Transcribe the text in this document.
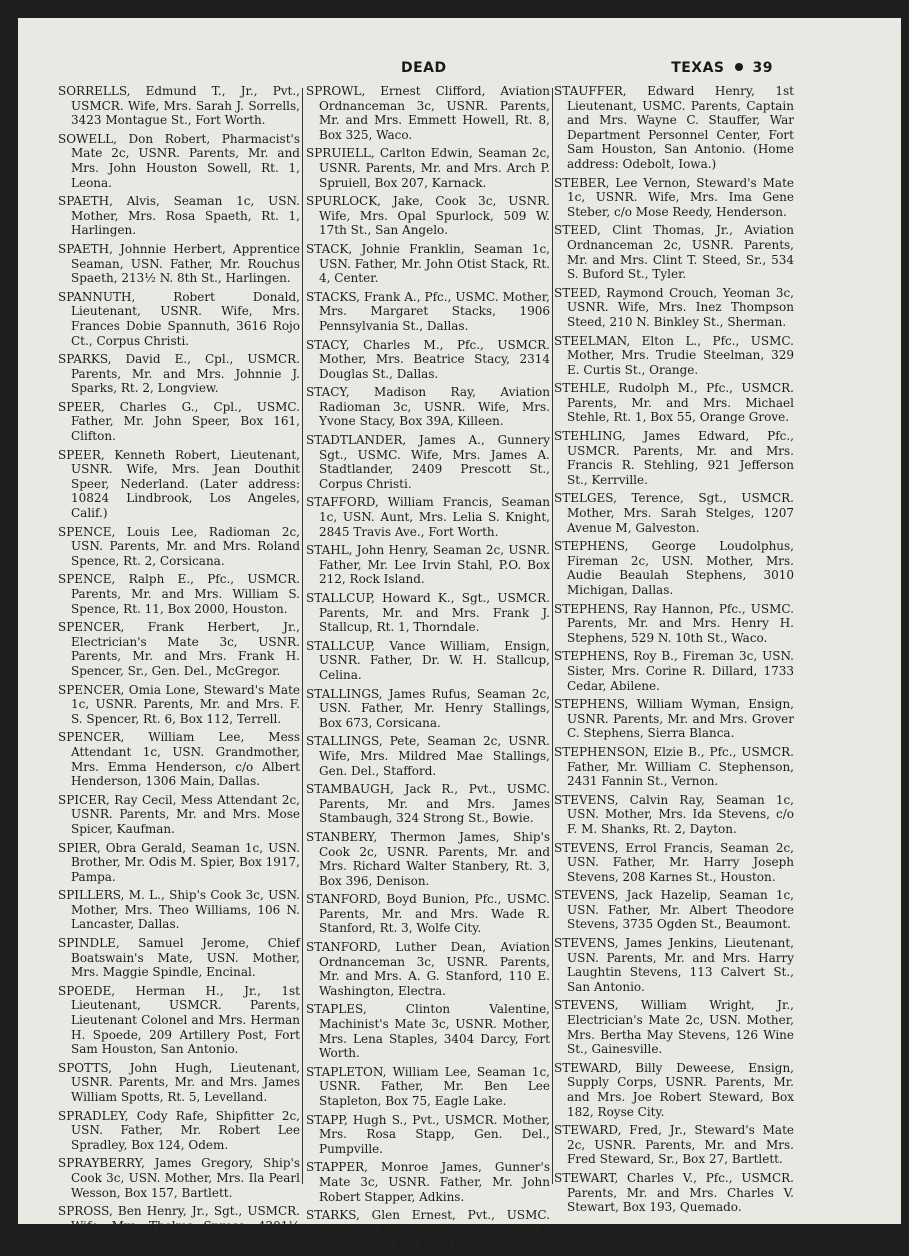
DEAD	TEXAS 39

SORRELLS, Edmund T., Jr., Pvt., USMCR. Wife, Mrs. Sarah J. Sorrells, 3423 Montague St., Fort Worth.

SOWELL, Don Robert, Pharmacist's Mate 2c, USNR. Parents, Mr. and Mrs. John Houston Sowell, Rt. 1, Leona.

SPAETH, Alvis, Seaman 1c, USN. Mother, Mrs. Rosa Spaeth, Rt. 1, Harlingen.

SPAETH, Johnnie Herbert, Apprentice Seaman, USN. Father, Mr. Rouchus Spaeth, 213½ N. 8th St., Harlingen.

SPANNUTH, Robert Donald, Lieutenant, USNR. Wife, Mrs. Frances Dobie Spannuth, 3616 Rojo Ct., Corpus Christi.

SPARKS, David E., Cpl., USMCR. Parents, Mr. and Mrs. Johnnie J. Sparks, Rt. 2, Longview.

SPEER, Charles G., Cpl., USMC. Father, Mr. John Speer, Box 161, Clifton.

SPEER, Kenneth Robert, Lieutenant, USNR. Wife, Mrs. Jean Douthit Speer, Nederland. (Later address: 10824 Lindbrook, Los Angeles, Calif.)

SPENCE, Louis Lee, Radioman 2c, USN. Parents, Mr. and Mrs. Roland Spence, Rt. 2, Corsicana.

SPENCE, Ralph E., Pfc., USMCR. Parents, Mr. and Mrs. William S. Spence, Rt. 11, Box 2000, Houston.

SPENCER, Frank Herbert, Jr., Electrician's Mate 3c, USNR. Parents, Mr. and Mrs. Frank H. Spencer, Sr., Gen. Del., McGregor.

SPENCER, Omia Lone, Steward's Mate 1c, USNR. Parents, Mr. and Mrs. F. S. Spencer, Rt. 6, Box 112, Terrell.

SPENCER, William Lee, Mess Attendant 1c, USN. Grandmother, Mrs. Emma Henderson, c/o Albert Henderson, 1306 Main, Dallas.

SPICER, Ray Cecil, Mess Attendant 2c, USNR. Parents, Mr. and Mrs. Mose Spicer, Kaufman.

SPIER, Obra Gerald, Seaman 1c, USN. Brother, Mr. Odis M. Spier, Box 1917, Pampa.

SPILLERS, M. L., Ship's Cook 3c, USN. Mother, Mrs. Theo Williams, 106 N. Lancaster, Dallas.

SPINDLE, Samuel Jerome, Chief Boatswain's Mate, USN. Mother, Mrs. Maggie Spindle, Encinal.

SPOEDE, Herman H., Jr., 1st Lieutenant, USMCR. Parents, Lieutenant Colonel and Mrs. Herman H. Spoede, 209 Artillery Post, Fort Sam Houston, San Antonio.

SPOTTS, John Hugh, Lieutenant, USNR. Parents, Mr. and Mrs. James William Spotts, Rt. 5, Levelland.

SPRADLEY, Cody Rafe, Shipfitter 2c, USN. Father, Mr. Robert Lee Spradley, Box 124, Odem.

SPRAYBERRY, James Gregory, Ship's Cook 3c, USN. Mother, Mrs. Ila Pearl Wesson, Box 157, Bartlett.

SPROSS, Ben Henry, Jr., Sgt., USMCR. Wife, Mrs. Thelma Spross, 4201½ Cedar Springs Ave., Dallas.

SPROWL, Ernest Clifford, Aviation Ordnanceman 3c, USNR. Parents, Mr. and Mrs. Emmett Howell, Rt. 8, Box 325, Waco.

SPRUIELL, Carlton Edwin, Seaman 2c, USNR. Parents, Mr. and Mrs. Arch P. Spruiell, Box 207, Karnack.

SPURLOCK, Jake, Cook 3c, USNR. Wife, Mrs. Opal Spurlock, 509 W. 17th St., San Angelo.

STACK, Johnie Franklin, Seaman 1c, USN. Father, Mr. John Otist Stack, Rt. 4, Center.

STACKS, Frank A., Pfc., USMC. Mother, Mrs. Margaret Stacks, 1906 Pennsylvania St., Dallas.

STACY, Charles M., Pfc., USMCR. Mother, Mrs. Beatrice Stacy, 2314 Douglas St., Dallas.

STACY, Madison Ray, Aviation Radioman 3c, USNR. Wife, Mrs. Yvone Stacy, Box 39A, Killeen.

STADTLANDER, James A., Gunnery Sgt., USMC. Wife, Mrs. James A. Stadtlander, 2409 Prescott St., Corpus Christi.

STAFFORD, William Francis, Seaman 1c, USN. Aunt, Mrs. Lelia S. Knight, 2845 Travis Ave., Fort Worth.

STAHL, John Henry, Seaman 2c, USNR. Father, Mr. Lee Irvin Stahl, P.O. Box 212, Rock Island.

STALLCUP, Howard K., Sgt., USMCR. Parents, Mr. and Mrs. Frank J. Stallcup, Rt. 1, Thorndale.

STALLCUP, Vance William, Ensign, USNR. Father, Dr. W. H. Stallcup, Celina.

STALLINGS, James Rufus, Seaman 2c, USN. Father, Mr. Henry Stallings, Box 673, Corsicana.

STALLINGS, Pete, Seaman 2c, USNR. Wife, Mrs. Mildred Mae Stallings, Gen. Del., Stafford.

STAMBAUGH, Jack R., Pvt., USMC. Parents, Mr. and Mrs. James Stambaugh, 324 Strong St., Bowie.

STANBERY, Thermon James, Ship's Cook 2c, USNR. Parents, Mr. and Mrs. Richard Walter Stanbery, Rt. 3, Box 396, Denison.

STANFORD, Boyd Bunion, Pfc., USMC. Parents, Mr. and Mrs. Wade R. Stanford, Rt. 3, Wolfe City.

STANFORD, Luther Dean, Aviation Ordnanceman 3c, USNR. Parents, Mr. and Mrs. A. G. Stanford, 110 E. Washington, Electra.

STAPLES, Clinton Valentine, Machinist's Mate 3c, USNR. Mother, Mrs. Lena Staples, 3404 Darcy, Fort Worth.

STAPLETON, William Lee, Seaman 1c, USNR. Father, Mr. Ben Lee Stapleton, Box 75, Eagle Lake.

STAPP, Hugh S., Pvt., USMCR. Mother, Mrs. Rosa Stapp, Gen. Del., Pumpville.

STAPPER, Monroe James, Gunner's Mate 3c, USNR. Father, Mr. John Robert Stapper, Adkins.

STARKS, Glen Ernest, Pvt., USMC. Parents, Mr. and Mrs. William A. Starks, Star Rt., Hale Center.

STAUFFER, Edward Henry, 1st Lieutenant, USMC. Parents, Captain and Mrs. Wayne C. Stauffer, War Department Personnel Center, Fort Sam Houston, San Antonio. (Home address: Odebolt, Iowa.)

STEBER, Lee Vernon, Steward's Mate 1c, USNR. Wife, Mrs. Ima Gene Steber, c/o Mose Reedy, Henderson.

STEED, Clint Thomas, Jr., Aviation Ordnanceman 2c, USNR. Parents, Mr. and Mrs. Clint T. Steed, Sr., 534 S. Buford St., Tyler.

STEED, Raymond Crouch, Yeoman 3c, USNR. Wife, Mrs. Inez Thompson Steed, 210 N. Binkley St., Sherman.

STEELMAN, Elton L., Pfc., USMC. Mother, Mrs. Trudie Steelman, 329 E. Curtis St., Orange.

STEHLE, Rudolph M., Pfc., USMCR. Parents, Mr. and Mrs. Michael Stehle, Rt. 1, Box 55, Orange Grove.

STEHLING, James Edward, Pfc., USMCR. Parents, Mr. and Mrs. Francis R. Stehling, 921 Jefferson St., Kerrville.

STELGES, Terence, Sgt., USMCR. Mother, Mrs. Sarah Stelges, 1207 Avenue M, Galveston.

STEPHENS, George Loudolphus, Fireman 2c, USN. Mother, Mrs. Audie Beaulah Stephens, 3010 Michigan, Dallas.

STEPHENS, Ray Hannon, Pfc., USMC. Parents, Mr. and Mrs. Henry H. Stephens, 529 N. 10th St., Waco.

STEPHENS, Roy B., Fireman 3c, USN. Sister, Mrs. Corine R. Dillard, 1733 Cedar, Abilene.

STEPHENS, William Wyman, Ensign, USNR. Parents, Mr. and Mrs. Grover C. Stephens, Sierra Blanca.

STEPHENSON, Elzie B., Pfc., USMCR. Father, Mr. William C. Stephenson, 2431 Fannin St., Vernon.

STEVENS, Calvin Ray, Seaman 1c, USN. Mother, Mrs. Ida Stevens, c/o F. M. Shanks, Rt. 2, Dayton.

STEVENS, Errol Francis, Seaman 2c, USN. Father, Mr. Harry Joseph Stevens, 208 Karnes St., Houston.

STEVENS, Jack Hazelip, Seaman 1c, USN. Father, Mr. Albert Theodore Stevens, 3735 Ogden St., Beaumont.

STEVENS, James Jenkins, Lieutenant, USN. Parents, Mr. and Mrs. Harry Laughtin Stevens, 113 Calvert St., San Antonio.

STEVENS, William Wright, Jr., Electrician's Mate 2c, USN. Mother, Mrs. Bertha May Stevens, 126 Wine St., Gainesville.

STEWARD, Billy Deweese, Ensign, Supply Corps, USNR. Parents, Mr. and Mrs. Joe Robert Steward, Box 182, Royse City.

STEWARD, Fred, Jr., Steward's Mate 2c, USNR. Parents, Mr. and Mrs. Fred Steward, Sr., Box 27, Bartlett.

STEWART, Charles V., Pfc., USMCR. Parents, Mr. and Mrs. Charles V. Stewart, Box 193, Quemado.
